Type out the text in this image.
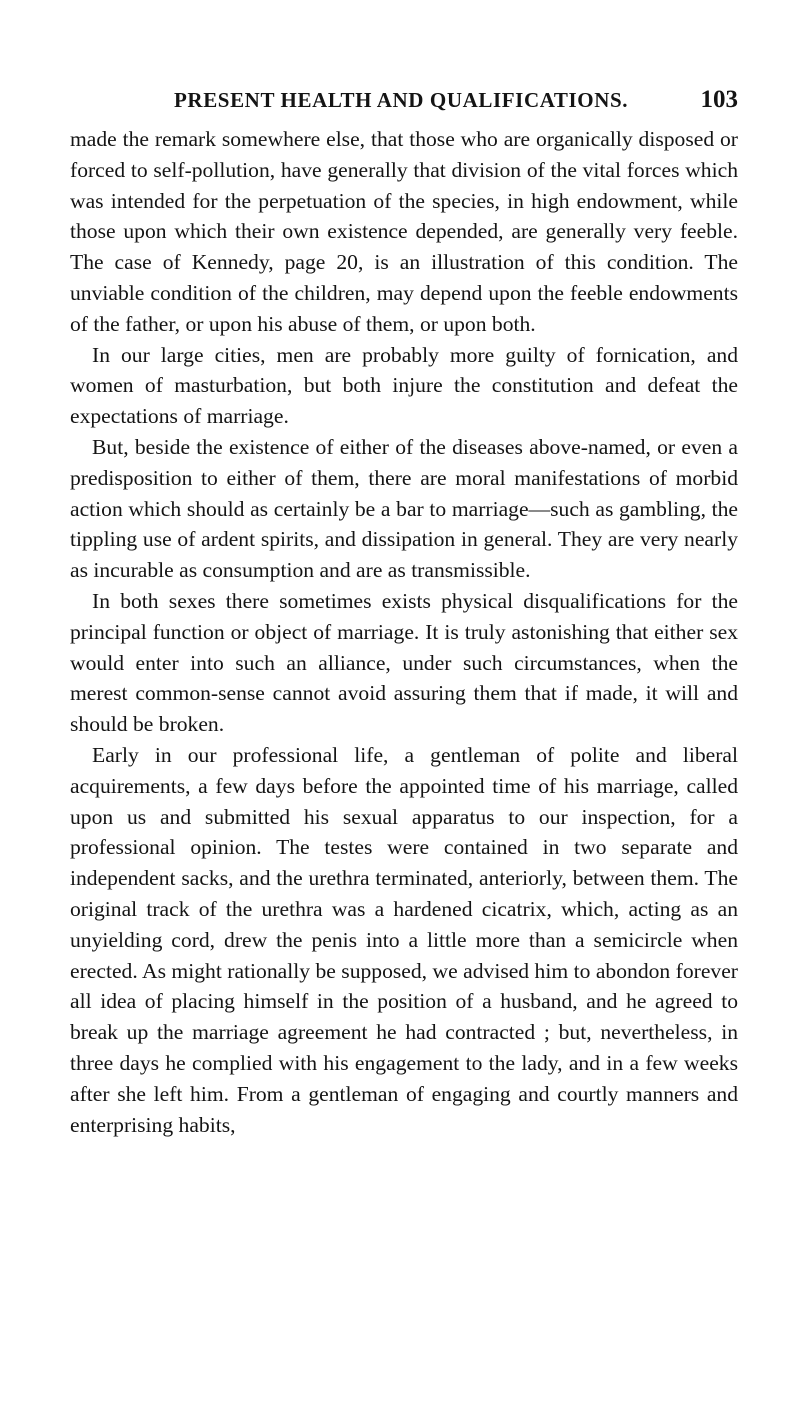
PRESENT HEALTH AND QUALIFICATIONS.	103

made the remark somewhere else, that those who are organically disposed or forced to self-pollution, have generally that division of the vital forces which was intended for the perpetuation of the species, in high endowment, while those upon which their own existence depended, are generally very feeble. The case of Kennedy, page 20, is an illustration of this condition. The unviable condition of the children, may depend upon the feeble endowments of the father, or upon his abuse of them, or upon both.

In our large cities, men are probably more guilty of fornication, and women of masturbation, but both injure the constitution and defeat the expectations of marriage.

But, beside the existence of either of the diseases above-named, or even a predisposition to either of them, there are moral manifestations of morbid action which should as certainly be a bar to marriage—such as gambling, the tippling use of ardent spirits, and dissipation in general. They are very nearly as incurable as consumption and are as transmissible.

In both sexes there sometimes exists physical disqualifications for the principal function or object of marriage. It is truly astonishing that either sex would enter into such an alliance, under such circumstances, when the merest common-sense cannot avoid assuring them that if made, it will and should be broken.

Early in our professional life, a gentleman of polite and liberal acquirements, a few days before the appointed time of his marriage, called upon us and submitted his sexual apparatus to our inspection, for a professional opinion. The testes were contained in two separate and independent sacks, and the urethra terminated, anteriorly, between them. The original track of the urethra was a hardened cicatrix, which, acting as an unyielding cord, drew the penis into a little more than a semicircle when erected. As might rationally be supposed, we advised him to abondon forever all idea of placing himself in the position of a husband, and he agreed to break up the marriage agreement he had contracted ; but, nevertheless, in three days he complied with his engagement to the lady, and in a few weeks after she left him. From a gentleman of engaging and courtly manners and enterprising habits,
